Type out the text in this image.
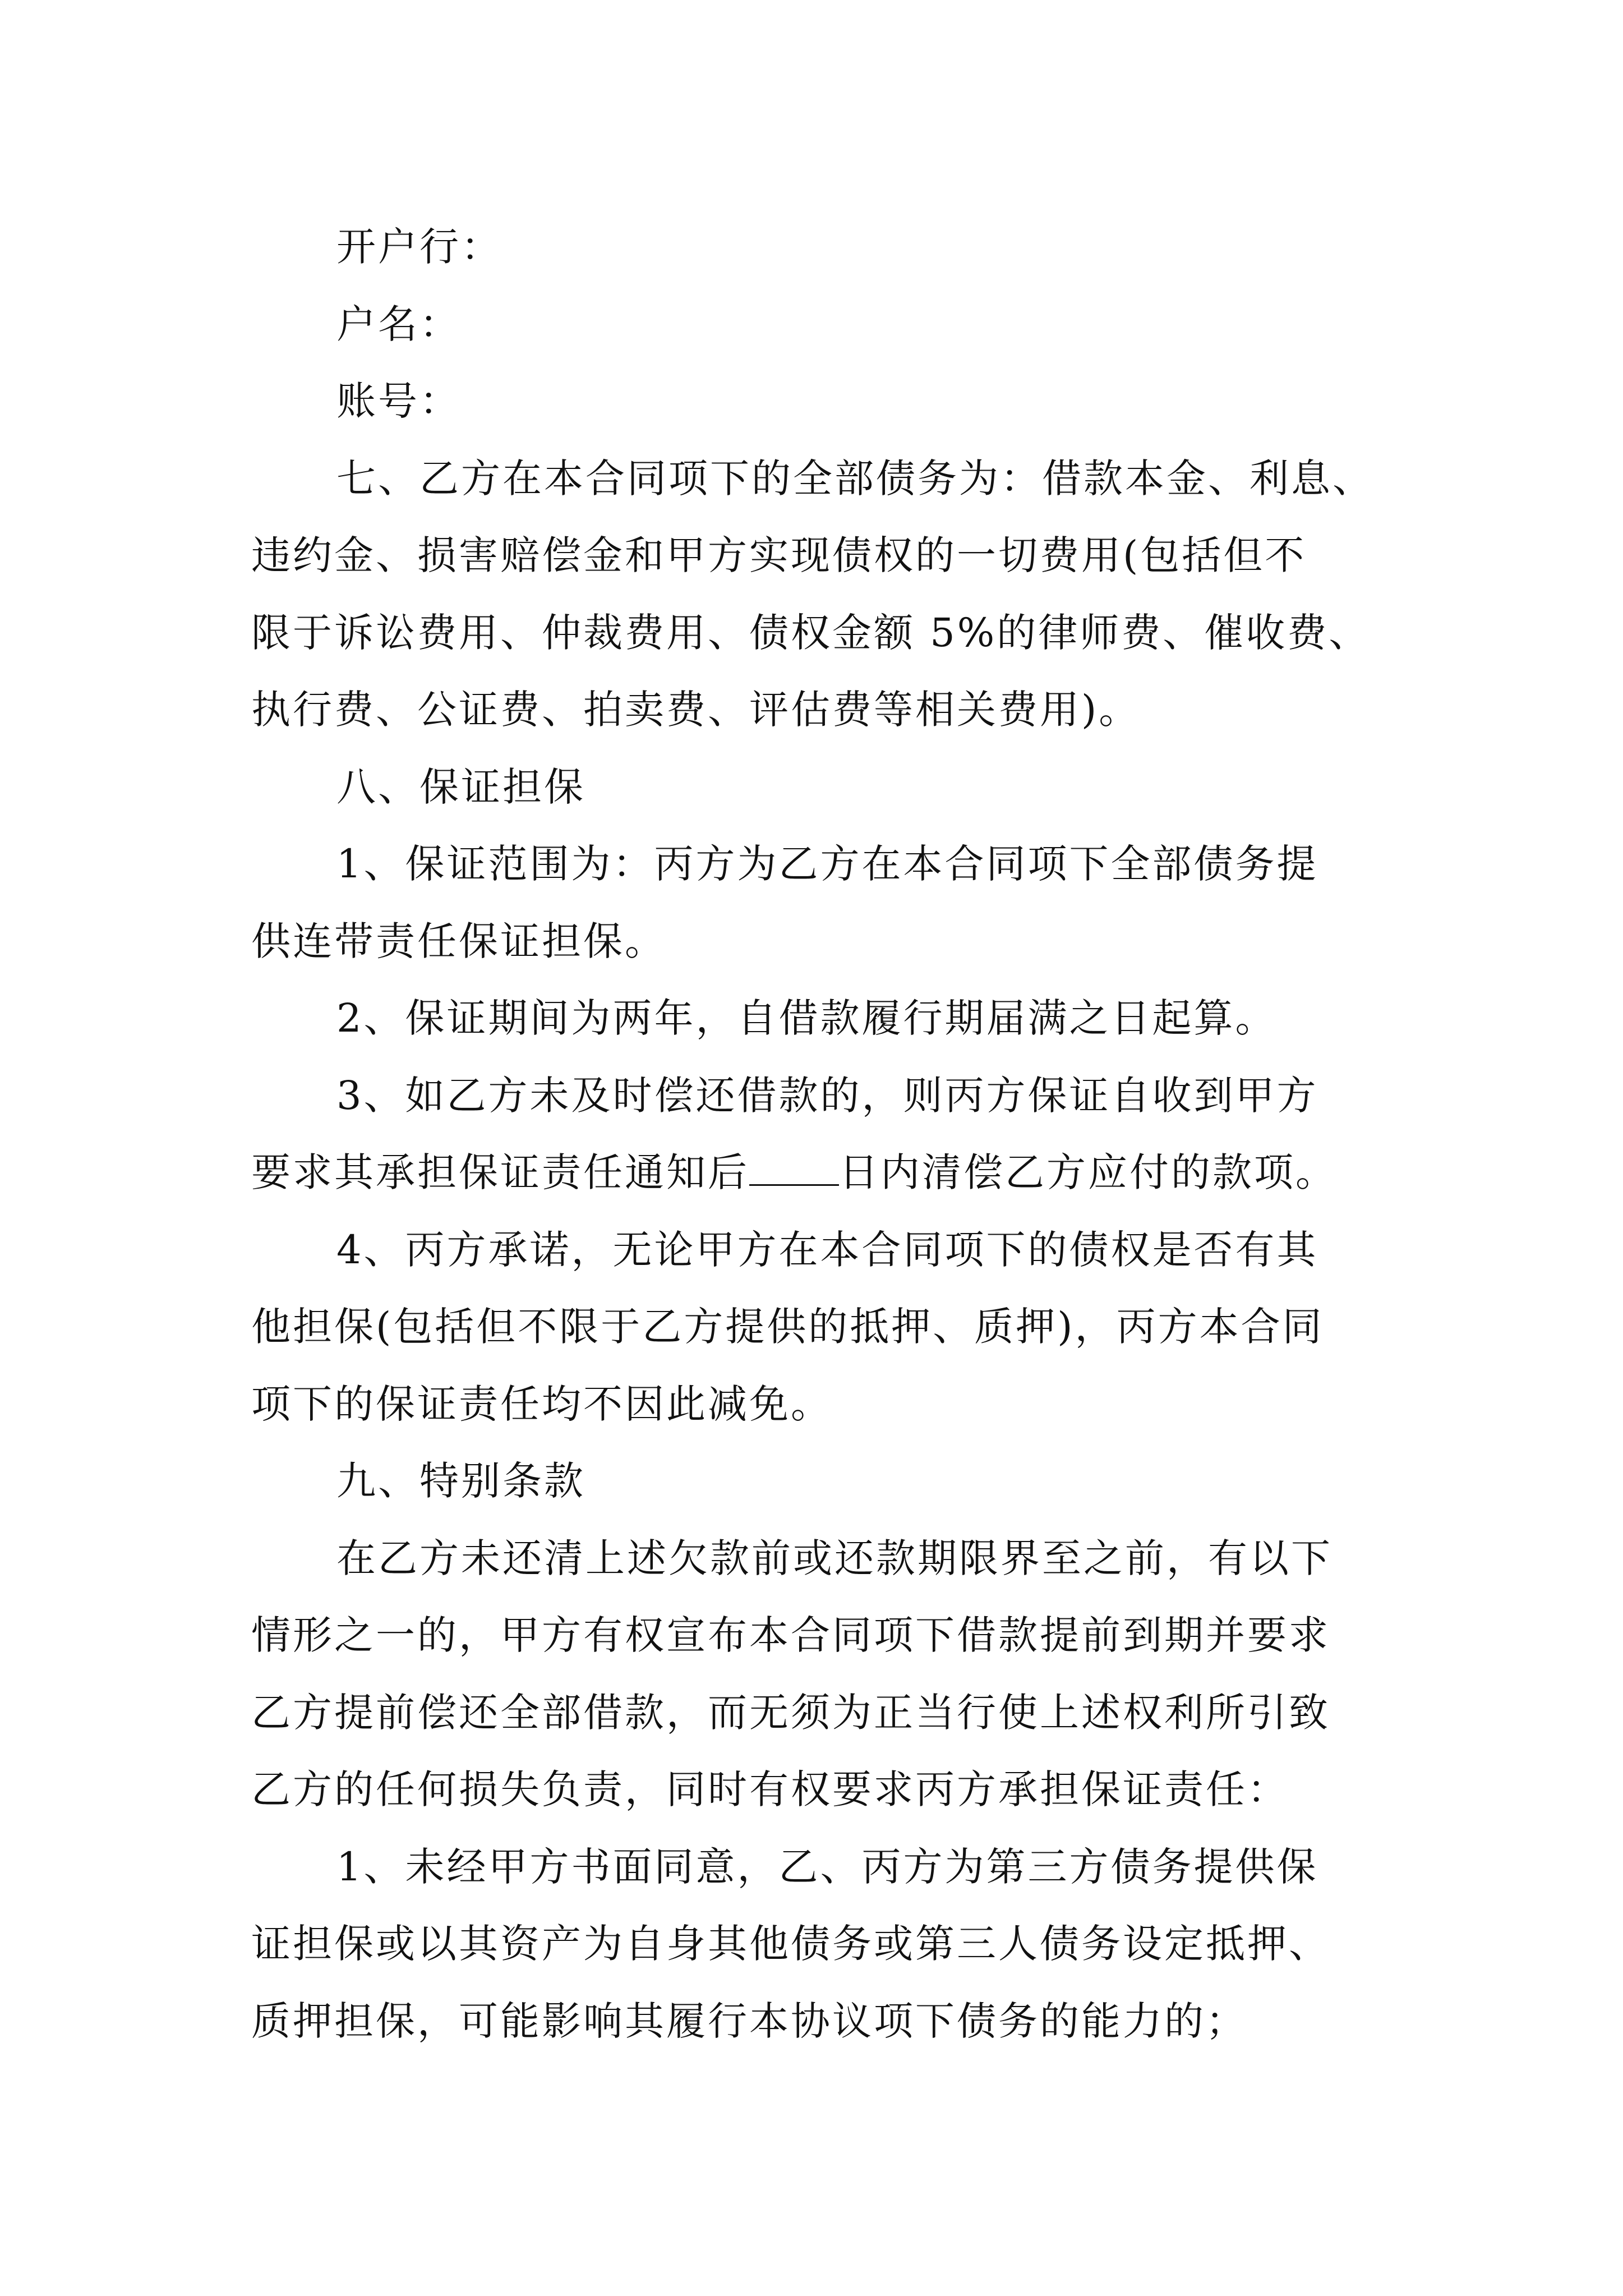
开户行：

户名：

账号：

七、乙方在本合同项下的全部债务为：借款本金、利息、
违约金、损害赔偿金和甲方实现债权的一切费用(包括但不
限于诉讼费用、仲裁费用、债权金额 5%的律师费、催收费、
执行费、公证费、拍卖费、评估费等相关费用)。
八、保证担保
1、保证范围为：丙方为乙方在本合同项下全部债务提
供连带责任保证担保。
2、保证期间为两年，自借款履行期届满之日起算。
3、如乙方未及时偿还借款的，则丙方保证自收到甲方
要求其承担保证责任通知后 日内清偿乙方应付的款项。
4、丙方承诺，无论甲方在本合同项下的债权是否有其
他担保(包括但不限于乙方提供的抵押、质押)，丙方本合同
项下的保证责任均不因此减免。
九、特别条款
在乙方未还清上述欠款前或还款期限界至之前，有以下
情形之一的，甲方有权宣布本合同项下借款提前到期并要求
乙方提前偿还全部借款，而无须为正当行使上述权利所引致
乙方的任何损失负责，同时有权要求丙方承担保证责任：
1、未经甲方书面同意，乙、丙方为第三方债务提供保
证担保或以其资产为自身其他债务或第三人债务设定抵押、
质押担保，可能影响其履行本协议项下债务的能力的；
